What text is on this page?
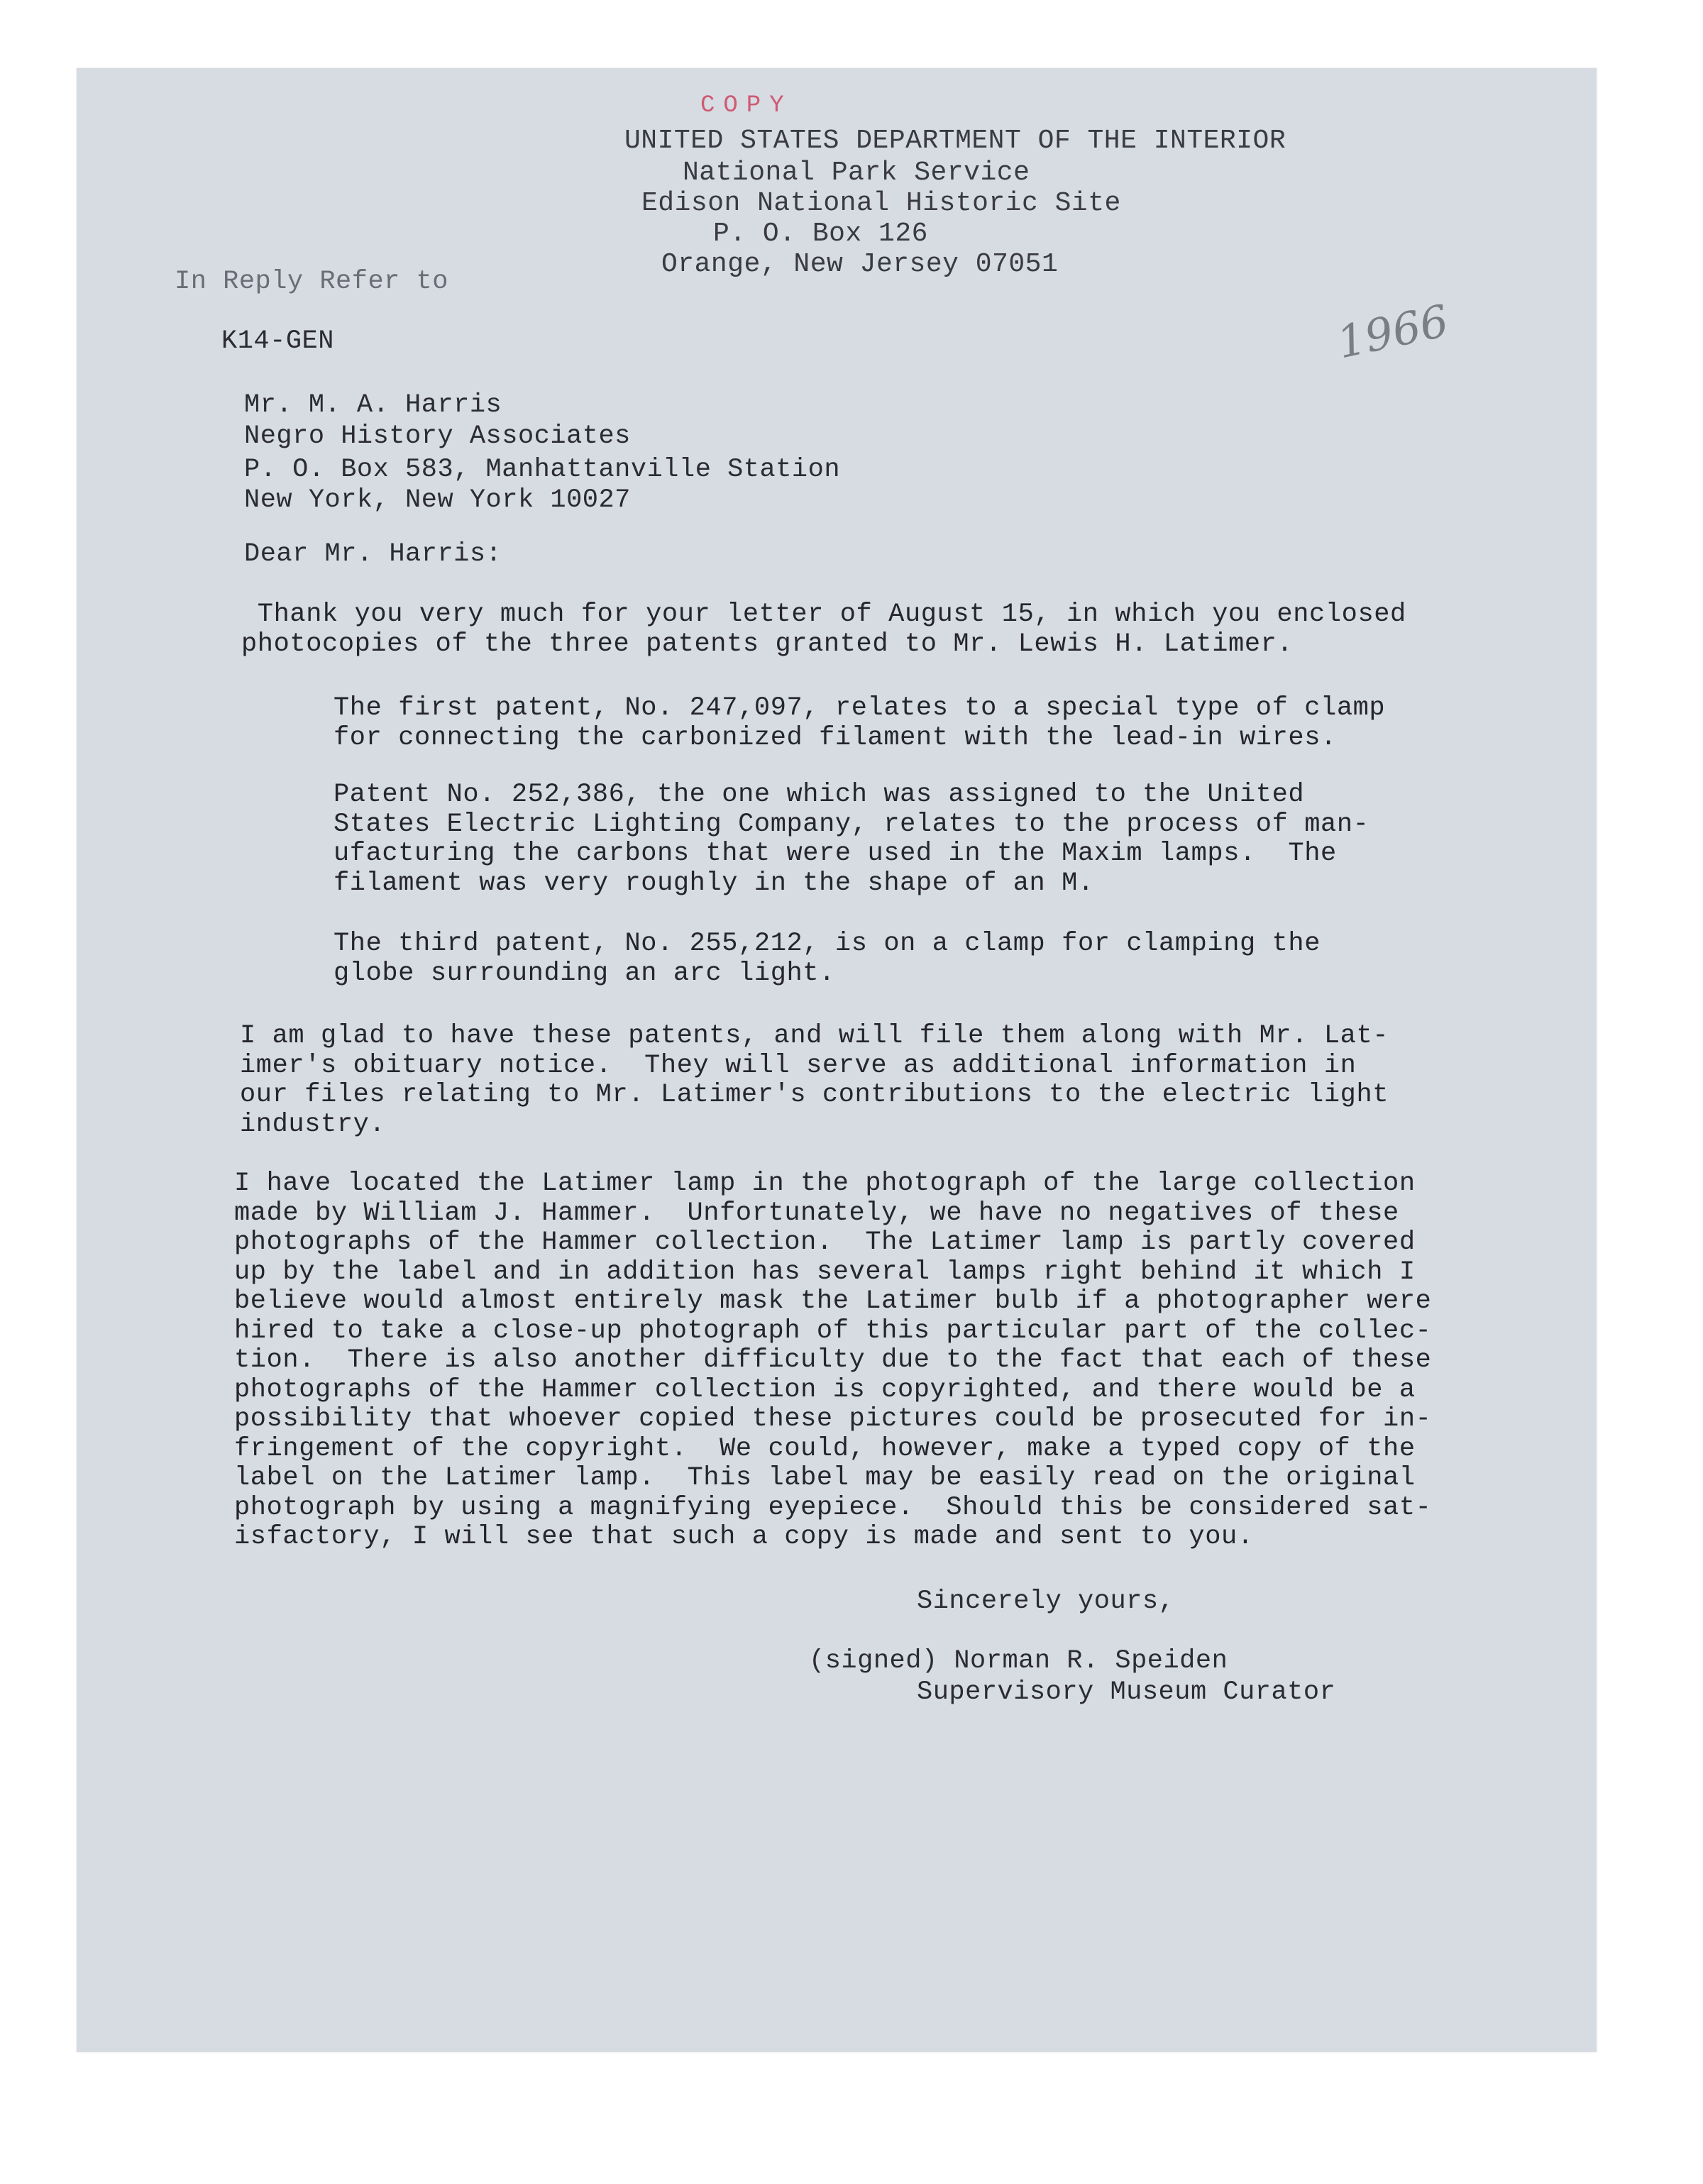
COPY
UNITED STATES DEPARTMENT OF THE INTERIOR
National Park Service
Edison National Historic Site
P. O. Box 126
Orange, New Jersey 07051
In Reply Refer to
K14-GEN	1966
Mr. M. A. Harris
Negro History Associates
P. O. Box 583, Manhattanville Station
New York, New York 10027
Dear Mr. Harris:
Thank you very much for your letter of August 15, in which you enclosed
photocopies of the three patents granted to Mr. Lewis H. Latimer.
The first patent, No. 247,097, relates to a special type of clamp
for connecting the carbonized filament with the lead-in wires.
Patent No. 252,386, the one which was assigned to the United
States Electric Lighting Company, relates to the process of man-
ufacturing the carbons that were used in the Maxim lamps.  The
filament was very roughly in the shape of an M.
The third patent, No. 255,212, is on a clamp for clamping the
globe surrounding an arc light.
I am glad to have these patents, and will file them along with Mr. Lat-
imer's obituary notice.  They will serve as additional information in
our files relating to Mr. Latimer's contributions to the electric light
industry.
I have located the Latimer lamp in the photograph of the large collection
made by William J. Hammer.  Unfortunately, we have no negatives of these
photographs of the Hammer collection.  The Latimer lamp is partly covered
up by the label and in addition has several lamps right behind it which I
believe would almost entirely mask the Latimer bulb if a photographer were
hired to take a close-up photograph of this particular part of the collec-
tion.  There is also another difficulty due to the fact that each of these
photographs of the Hammer collection is copyrighted, and there would be a
possibility that whoever copied these pictures could be prosecuted for in-
fringement of the copyright.  We could, however, make a typed copy of the
label on the Latimer lamp.  This label may be easily read on the original
photograph by using a magnifying eyepiece.  Should this be considered sat-
isfactory, I will see that such a copy is made and sent to you.
Sincerely yours,
(signed) Norman R. Speiden
Supervisory Museum Curator
